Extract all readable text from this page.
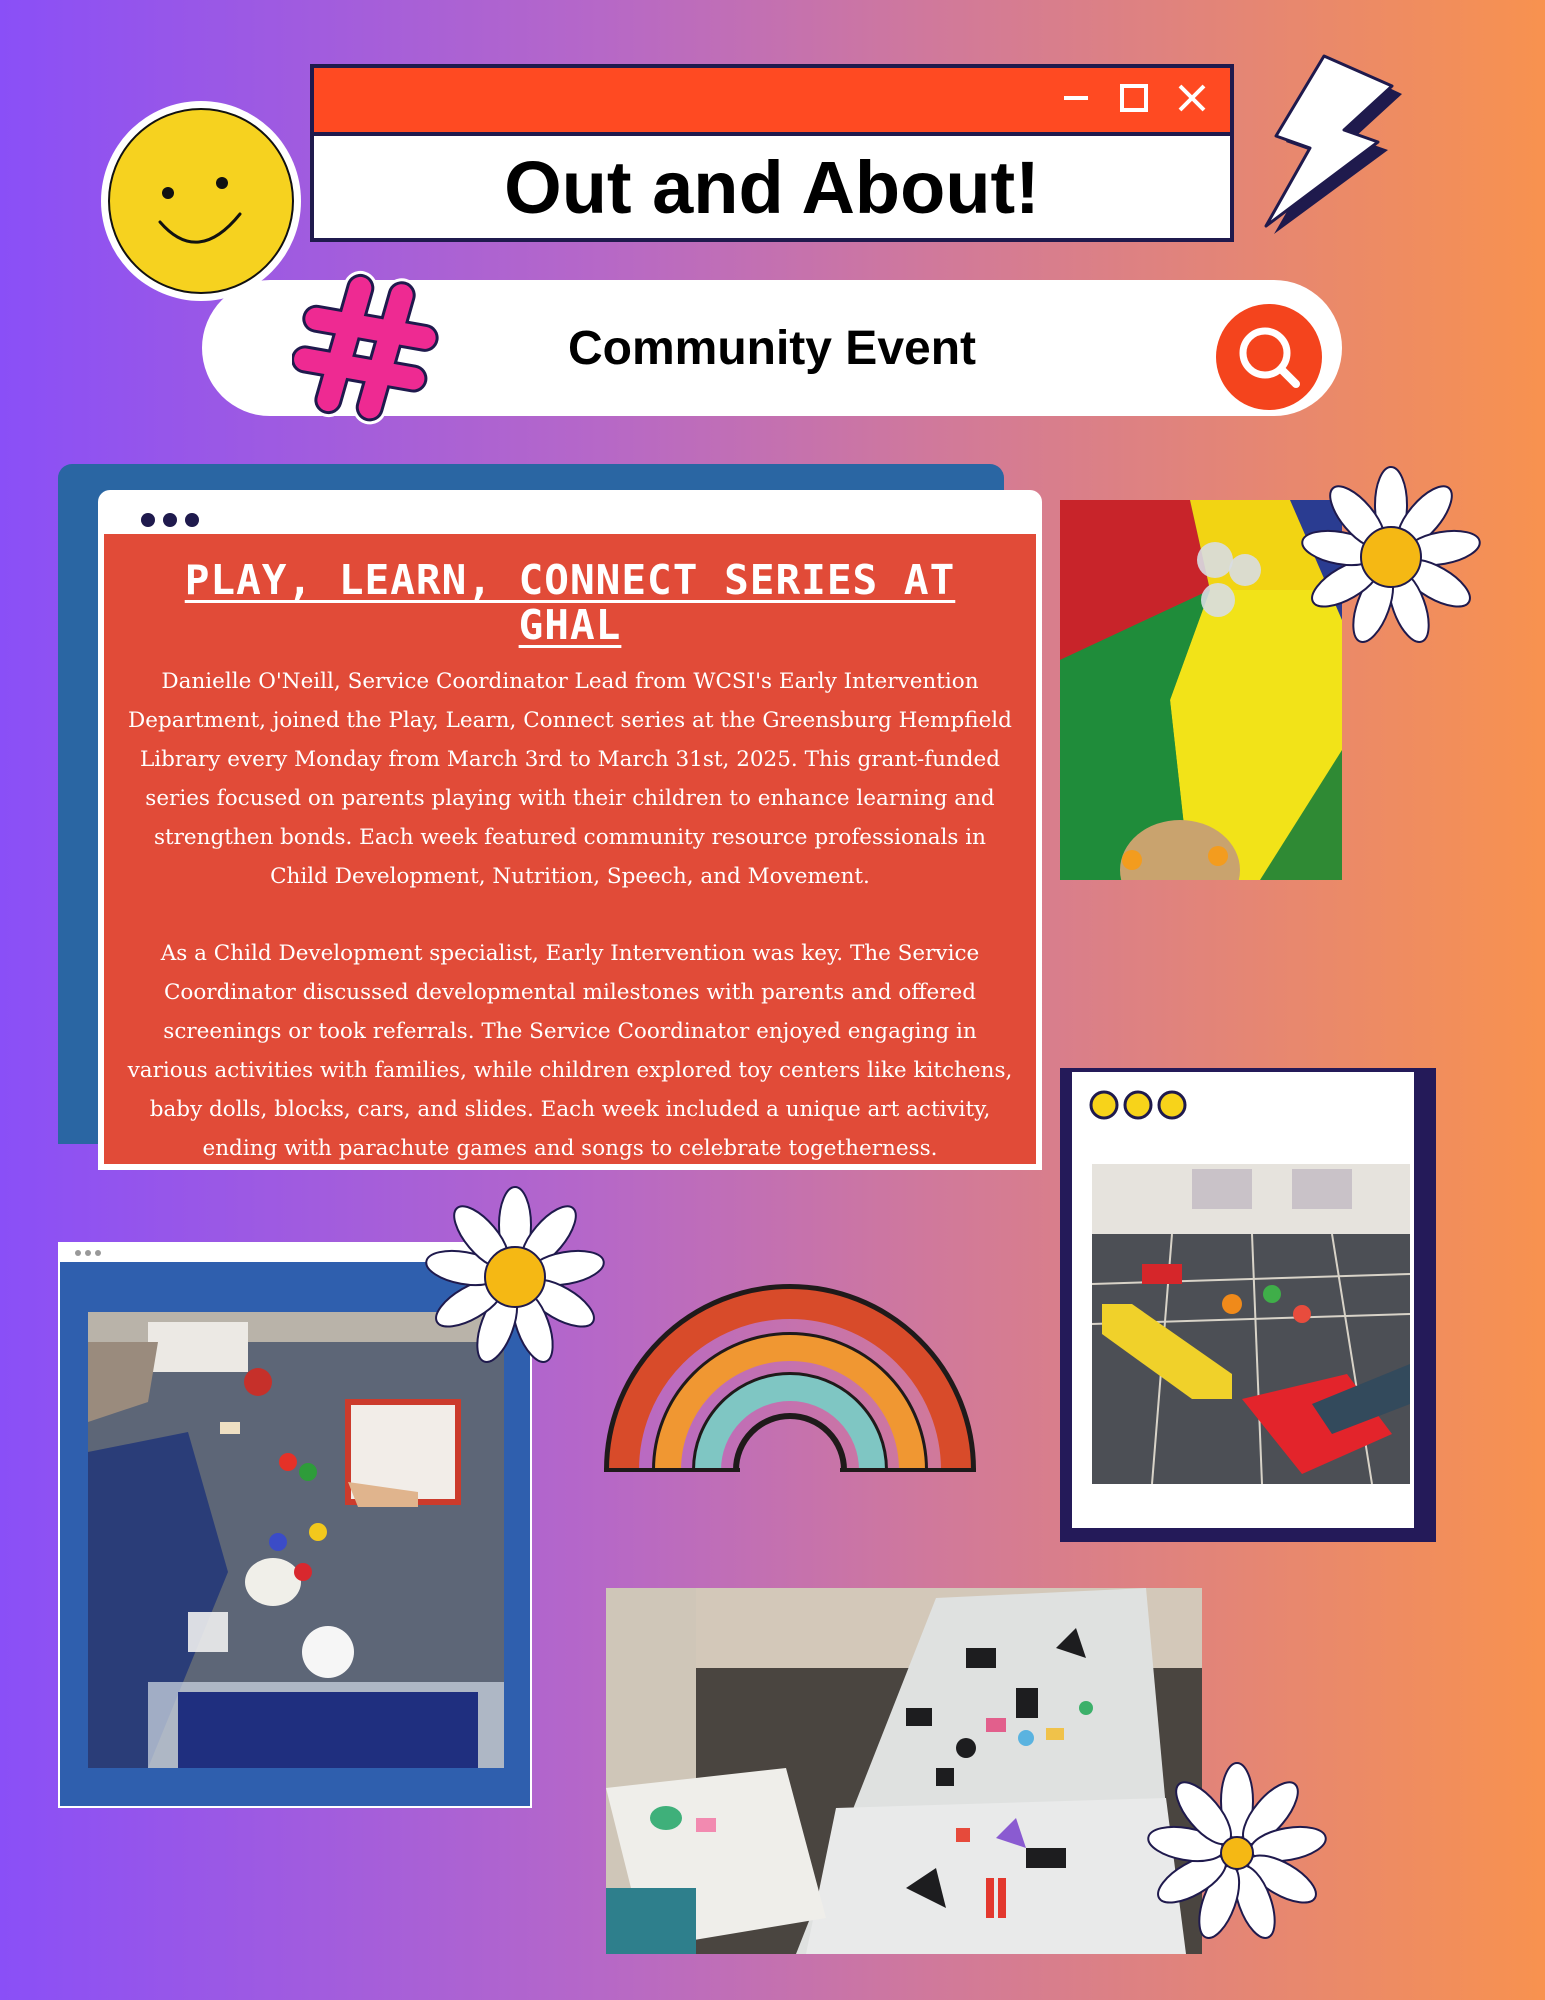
Out and About!
Community Event
PLAY, LEARN, CONNECT SERIES AT GHAL

Danielle O'Neill, Service Coordinator Lead from WCSI's Early Intervention Department, joined the Play, Learn, Connect series at the Greensburg Hempfield Library every Monday from March 3rd to March 31st, 2025. This grant-funded series focused on parents playing with their children to enhance learning and strengthen bonds. Each week featured community resource professionals in Child Development, Nutrition, Speech, and Movement.

As a Child Development specialist, Early Intervention was key. The Service Coordinator discussed developmental milestones with parents and offered screenings or took referrals. The Service Coordinator enjoyed engaging in various activities with families, while children explored toy centers like kitchens, baby dolls, blocks, cars, and slides. Each week included a unique art activity, ending with parachute games and songs to celebrate togetherness.
